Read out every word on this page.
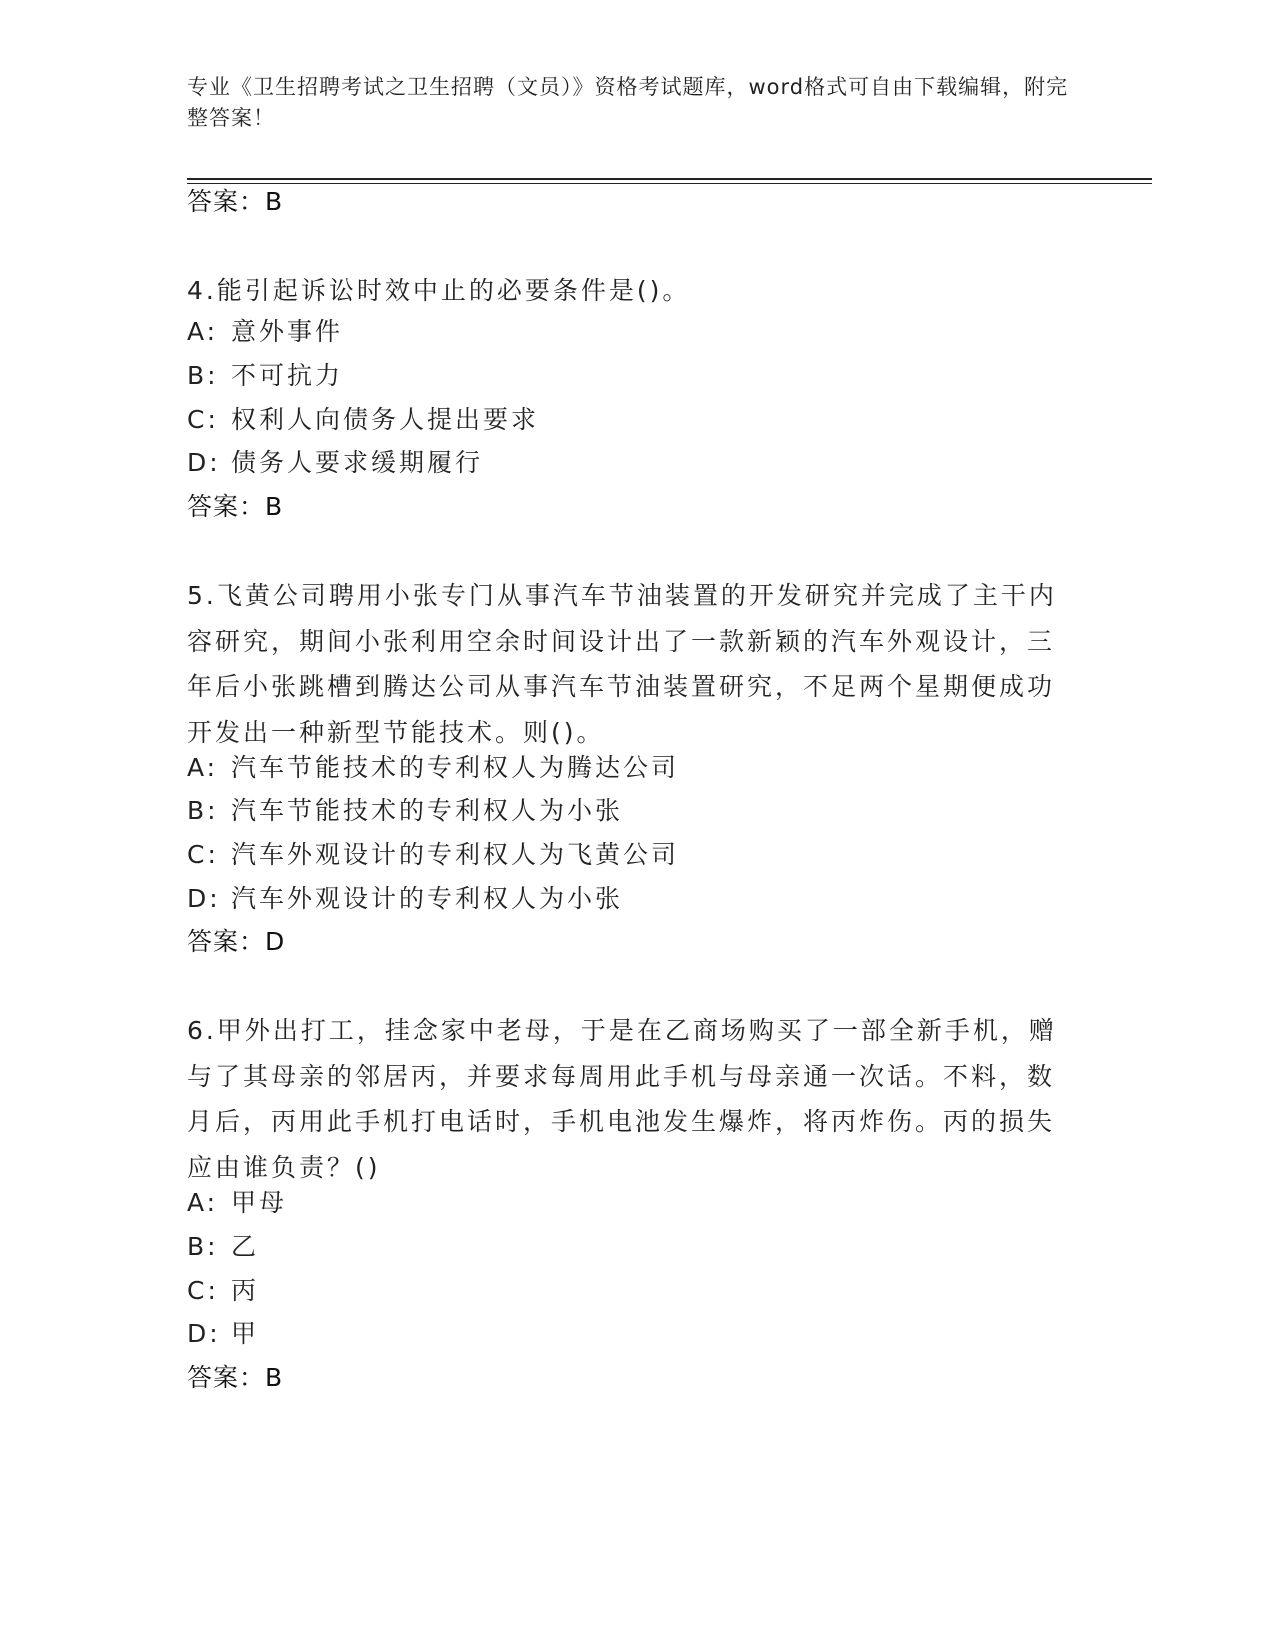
专业《卫生招聘考试之卫生招聘（文员）》资格考试题库，word格式可自由下载编辑，附完整答案！
答案：B
4.能引起诉讼时效中止的必要条件是()。
A: 意外事件
B: 不可抗力
C: 权利人向债务人提出要求
D: 债务人要求缓期履行
答案：B
5.飞黄公司聘用小张专门从事汽车节油装置的开发研究并完成了主干内容研究，期间小张利用空余时间设计出了一款新颖的汽车外观设计，三年后小张跳槽到腾达公司从事汽车节油装置研究，不足两个星期便成功开发出一种新型节能技术。则()。
A: 汽车节能技术的专利权人为腾达公司
B: 汽车节能技术的专利权人为小张
C: 汽车外观设计的专利权人为飞黄公司
D: 汽车外观设计的专利权人为小张
答案：D
6.甲外出打工，挂念家中老母，于是在乙商场购买了一部全新手机，赠与了其母亲的邻居丙，并要求每周用此手机与母亲通一次话。不料，数月后，丙用此手机打电话时，手机电池发生爆炸，将丙炸伤。丙的损失应由谁负责？()
A: 甲母
B: 乙
C: 丙
D: 甲
答案：B
